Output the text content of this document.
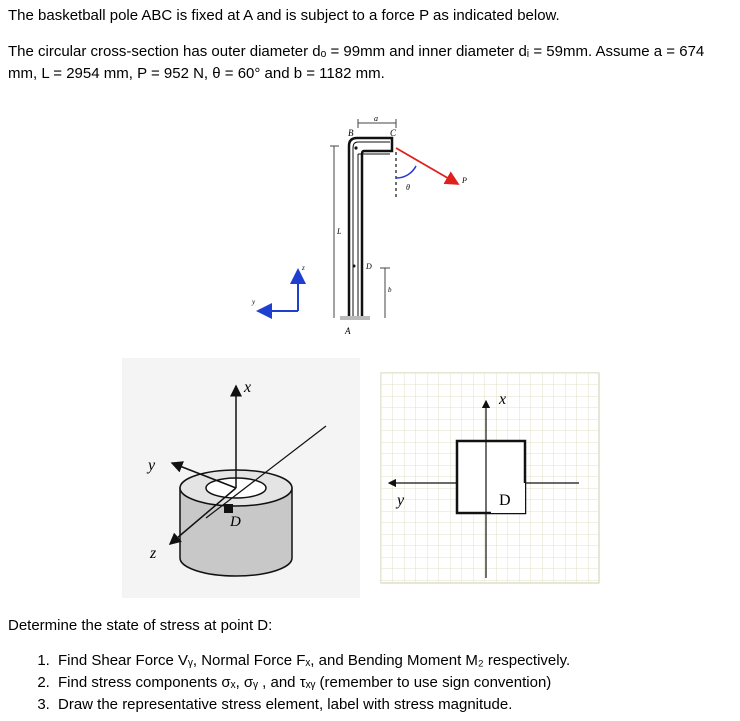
The basketball pole ABC is fixed at A and is subject to a force P as indicated below.
The circular cross-section has outer diameter dₒ = 99mm and inner diameter dᵢ = 59mm. Assume a = 674
mm, L = 2954 mm, P = 952 N, θ = 60° and b = 1182 mm.
a
B	C
θ
P
L
D
b
A
z
y
x
y
z
D
x
y	D
Determine the state of stress at point D:
1. Find Shear Force Vᵧ, Normal Force Fₓ, and Bending Moment M₂ respectively.
2. Find stress components σₓ, σᵧ , and τₓᵧ (remember to use sign convention)
3. Draw the representative stress element, label with stress magnitude.
